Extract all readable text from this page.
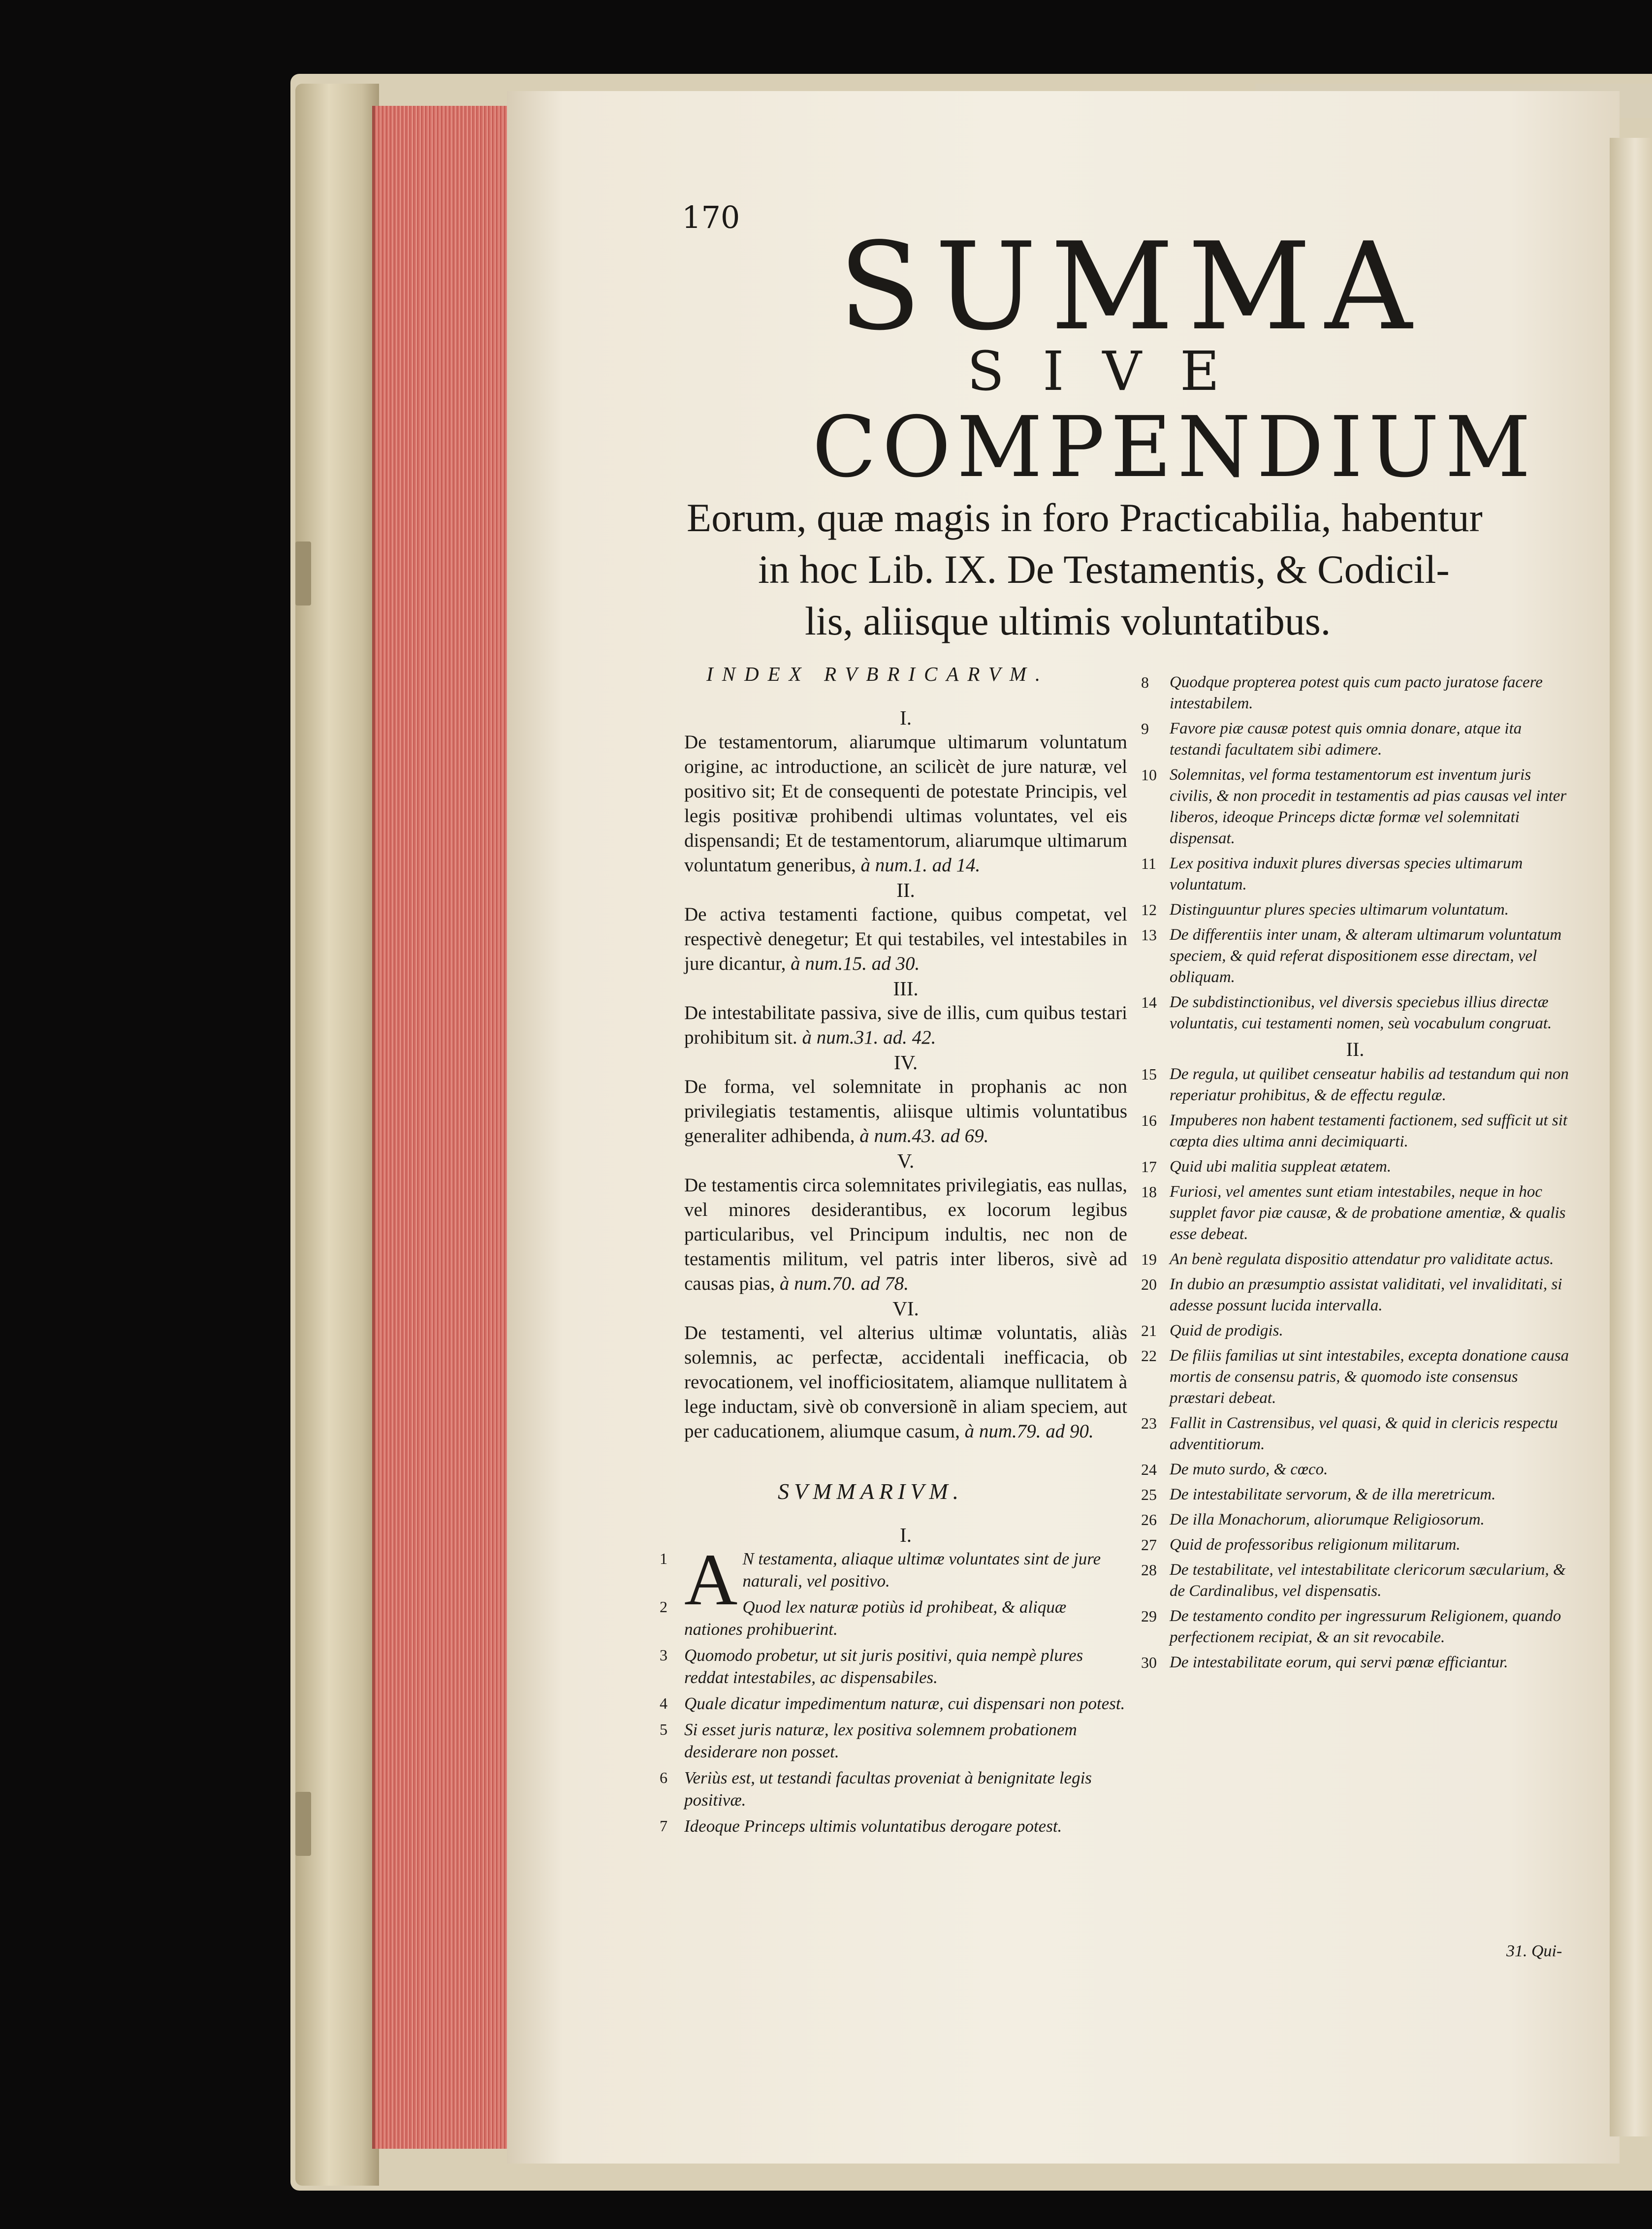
170 SUMMA
SIVE
COMPENDIUM
Eorum, quæ magis in foro Practicabilia, habentur
in hoc Lib. IX. De Testamentis, & Codicil-
lis, aliisque ultimis voluntatibus.
INDEX RVBRICARVM.
I.

De testamentorum, aliarumque ultimarum voluntatum origine, ac introductione, an scilicèt de jure naturæ, vel positivo sit; Et de consequenti de potestate Principis, vel legis positivæ prohibendi ultimas voluntates, vel eis dispensandi; Et de testamentorum, aliarumque ultimarum voluntatum generibus, à num.1. ad 14.

II.

De activa testamenti factione, quibus competat, vel respectivè denegetur; Et qui testabiles, vel intestabiles in jure dicantur, à num.15. ad 30.

III.

De intestabilitate passiva, sive de illis, cum quibus testari prohibitum sit. à num.31. ad. 42.

IV.

De forma, vel solemnitate in prophanis ac non privilegiatis testamentis, aliisque ultimis voluntatibus generaliter adhibenda, à num.43. ad 69.

V.

De testamentis circa solemnitates privilegiatis, eas nullas, vel minores desiderantibus, ex locorum legibus particularibus, vel Principum indultis, nec non de testamentis militum, vel patris inter liberos, sivè ad causas pias, à num.70. ad 78.

VI.

De testamenti, vel alterius ultimæ voluntatis, aliàs solemnis, ac perfectæ, accidentali inefficacia, ob revocationem, vel inofficiositatem, aliamque nullitatem à lege inductam, sivè ob conversionẽ in aliam speciem, aut per caducationem, aliumque casum, à num.79. ad 90.

SVMMARIVM.
I.
1 A N testamenta, aliaque ultimæ voluntates sint de jure naturali, vel positivo.
2	Quod lex naturæ potiùs id prohibeat, & aliquæ nationes prohibuerint.
3 Quomodo probetur, ut sit juris positivi, quia nempè plures reddat intestabiles, ac dispensabiles.
4 Quale dicatur impedimentum naturæ, cui dispensari non potest.
5 Si esset juris naturæ, lex positiva solemnem probationem desiderare non posset.
6 Veriùs est, ut testandi facultas proveniat à benignitate legis positivæ.
7 Ideoque Princeps ultimis voluntatibus derogare potest.
8 Quodque propterea potest quis cum pacto juratose facere intestabilem.
9 Favore piæ causæ potest quis omnia donare, atque ita testandi facultatem sibi adimere.
10 Solemnitas, vel forma testamentorum est inventum juris civilis, & non procedit in testamentis ad pias causas vel inter liberos, ideoque Princeps dictæ formæ vel solemnitati dispensat.
11 Lex positiva induxit plures diversas species ultimarum voluntatum.
12 Distinguuntur plures species ultimarum voluntatum.
13 De differentiis inter unam, & alteram ultimarum voluntatum speciem, & quid referat dispositionem esse directam, vel obliquam.
14 De subdistinctionibus, vel diversis speciebus illius directæ voluntatis, cui testamenti nomen, seù vocabulum congruat.
II.
15 De regula, ut quilibet censeatur habilis ad testandum qui non reperiatur prohibitus, & de effectu regulæ.
16 Impuberes non habent testamenti factionem, sed sufficit ut sit cœpta dies ultima anni decimiquarti.
17 Quid ubi malitia suppleat ætatem.
18 Furiosi, vel amentes sunt etiam intestabiles, neque in hoc supplet favor piæ causæ, & de probatione amentiæ, & qualis esse debeat.
19 An benè regulata dispositio attendatur pro validitate actus.
20 In dubio an præsumptio assistat validitati, vel invaliditati, si adesse possunt lucida intervalla.
21 Quid de prodigis.
22 De filiis familias ut sint intestabiles, excepta donatione causa mortis de consensu patris, & quomodo iste consensus præstari debeat.
23 Fallit in Castrensibus, vel quasi, & quid in clericis respectu adventitiorum.
24 De muto surdo, & cœco.
25 De intestabilitate servorum, & de illa meretricum.
26 De illa Monachorum, aliorumque Religiosorum.
27 Quid de professoribus religionum militarum.
28 De testabilitate, vel intestabilitate clericorum sæcularium, & de Cardinalibus, vel dispensatis.
29 De testamento condito per ingressurum Religionem, quando perfectionem recipiat, & an sit revocabile.
30 De intestabilitate eorum, qui servi pœnæ efficiantur.
31. Qui-
